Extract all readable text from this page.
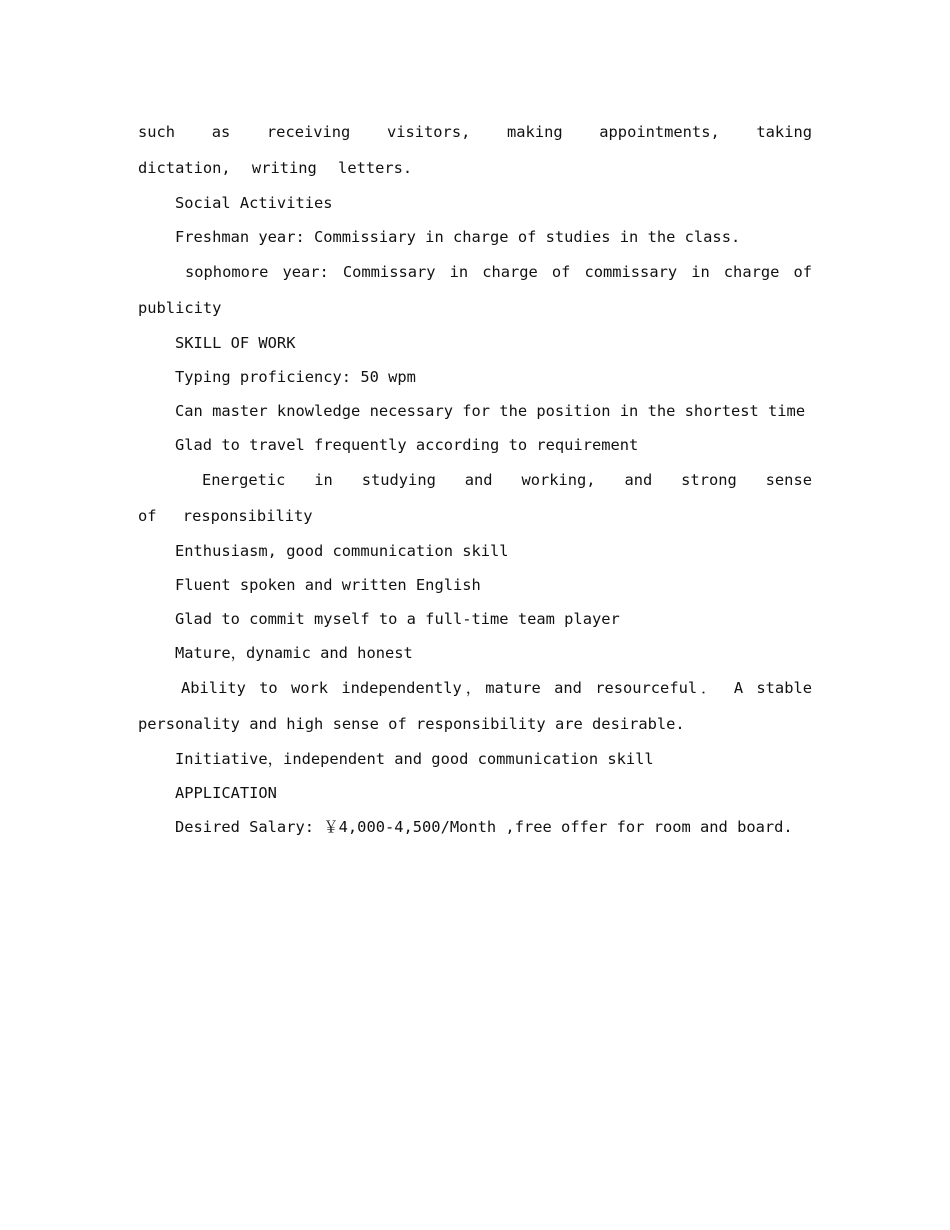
such as receiving visitors, making appointments, taking dictation, writing letters.

Social Activities

Freshman year: Commissiary in charge of studies in the class.

sophomore year: Commissary in charge of commissary in charge of publicity

SKILL OF WORK

Typing proficiency: 50 wpm

Can master knowledge necessary for the position in the shortest time

Glad to travel frequently according to requirement

Energetic in studying and working, and strong sense of responsibility

Enthusiasm, good communication skill

Fluent spoken and written English

Glad to commit myself to a full-time team player

Mature，dynamic and honest

Ability to work independently，mature and resourceful． A stable personality and high sense of responsibility are desirable.

Initiative，independent and good communication skill

APPLICATION

Desired Salary: ￥4,000-4,500/Month ,free offer for room and board.
